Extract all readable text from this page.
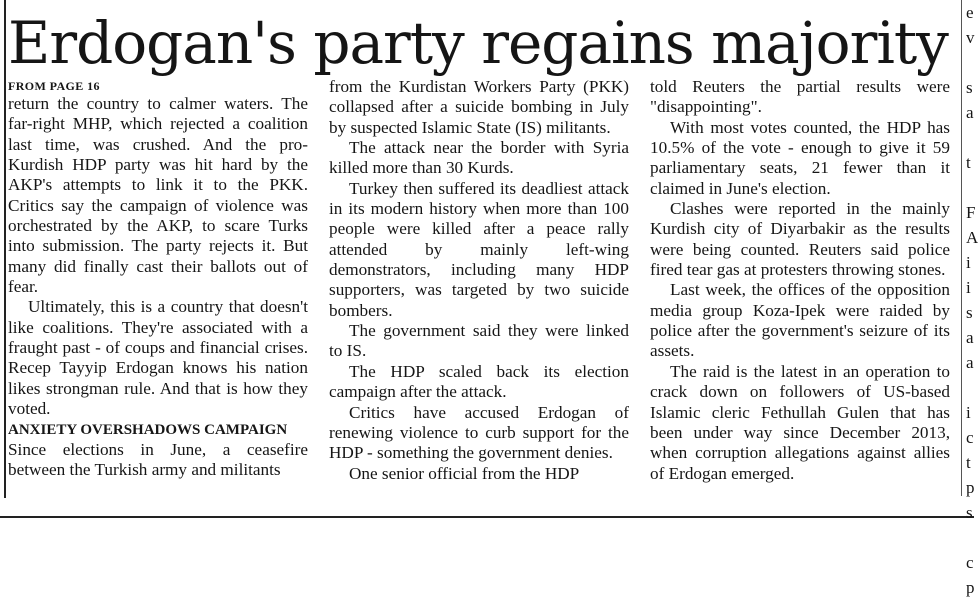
Erdogan's party regains majority

FROM PAGE 16

return the country to calmer waters. The far-right MHP, which rejected a coalition last time, was crushed. And the pro-Kurdish HDP party was hit hard by the AKP's attempts to link it to the PKK. Critics say the campaign of violence was orchestrated by the AKP, to scare Turks into submission. The party rejects it. But many did finally cast their ballots out of fear.

Ultimately, this is a country that doesn't like coalitions. They're associated with a fraught past - of coups and financial crises. Recep Tayyip Erdogan knows his nation likes strongman rule. And that is how they voted.

ANXIETY OVERSHADOWS CAMPAIGN

Since elections in June, a ceasefire between the Turkish army and militants

from the Kurdistan Workers Party (PKK) collapsed after a suicide bombing in July by suspected Islamic State (IS) militants.

The attack near the border with Syria killed more than 30 Kurds.

Turkey then suffered its deadliest attack in its modern history when more than 100 people were killed after a peace rally attended by mainly left-wing demonstrators, including many HDP supporters, was targeted by two suicide bombers.

The government said they were linked to IS.

The HDP scaled back its election campaign after the attack.

Critics have accused Erdogan of renewing violence to curb support for the HDP - something the government denies.

One senior official from the HDP

told Reuters the partial results were "disappointing".

With most votes counted, the HDP has 10.5% of the vote - enough to give it 59 parliamentary seats, 21 fewer than it claimed in June's election.

Clashes were reported in the mainly Kurdish city of Diyarbakir as the results were being counted. Reuters said police fired tear gas at protesters throwing stones.

Last week, the offices of the opposition media group Koza-Ipek were raided by police after the government's seizure of its assets.

The raid is the latest in an operation to crack down on followers of US-based Islamic cleric Fethullah Gulen that has been under way since December 2013, when corruption allegations against allies of Erdogan emerged.

e
v
s
a
t
F
A
i
i
s
a
a
i
c
t
p
s
c
p
